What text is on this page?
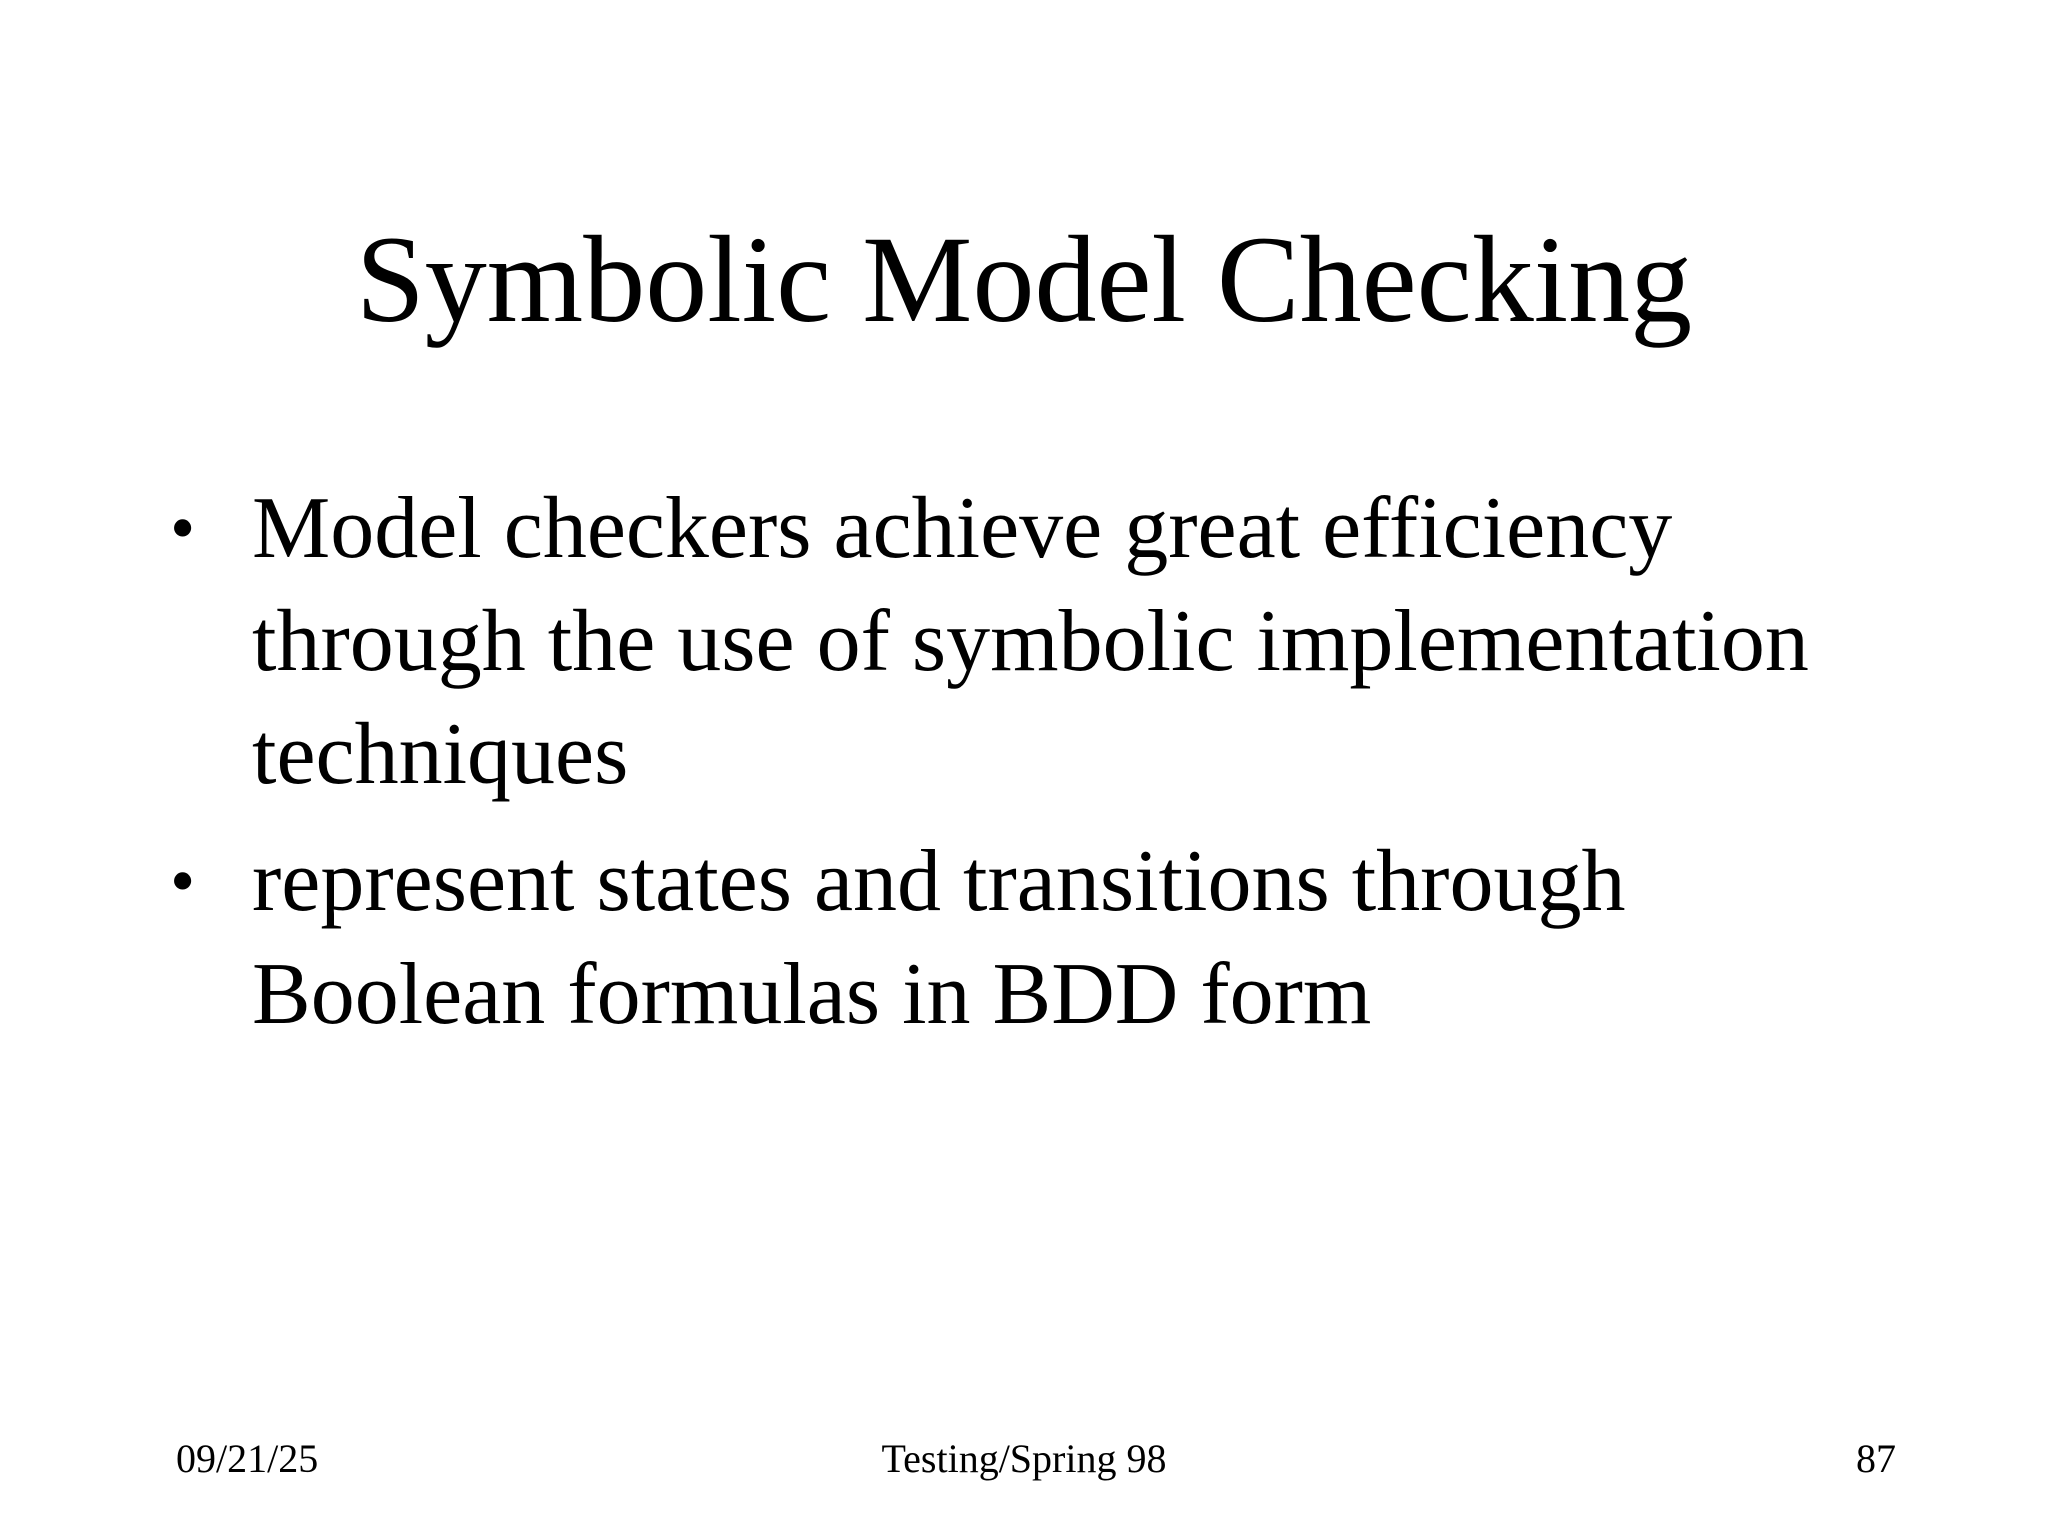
Symbolic Model Checking
• Model checkers achieve great efficiency through the use of symbolic implementation techniques
• represent states and transitions through Boolean formulas in BDD form
09/21/25	Testing/Spring 98	87
